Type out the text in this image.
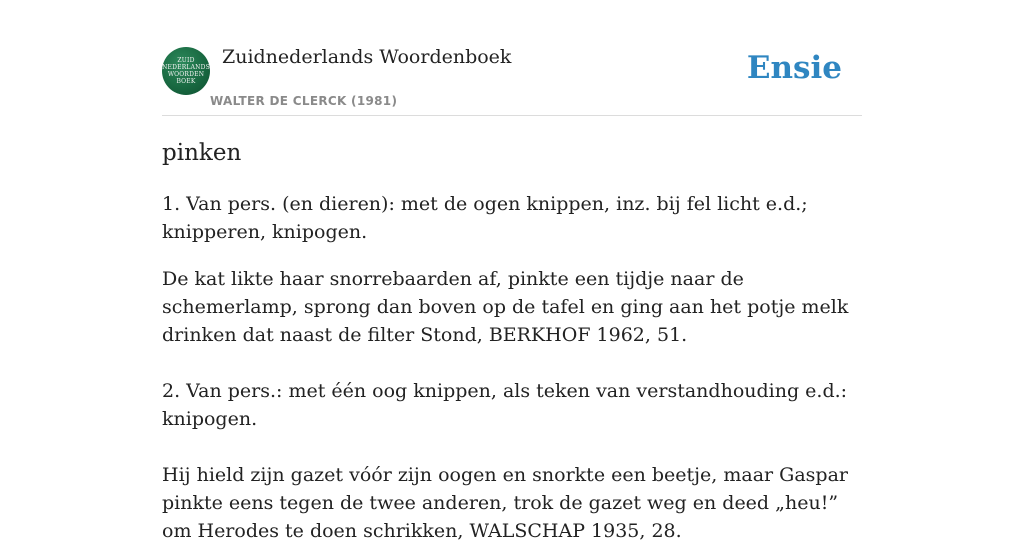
ZUID
NEDERLANDS
WOORDEN
BOEK
Zuidnederlands Woordenboek
WALTER DE CLERCK (1981)
Ensie
pinken

1. Van pers. (en dieren): met de ogen knippen, inz. bij fel licht e.d.; knipperen, knipogen.

De kat likte haar snorrebaarden af, pinkte een tijdje naar de schemerlamp, sprong dan boven op de tafel en ging aan het potje melk drinken dat naast de filter Stond, BERKHOF 1962, 51.

2. Van pers.: met één oog knippen, als teken van verstandhouding e.d.: knipogen.

Hij hield zijn gazet vóór zijn oogen en snorkte een beetje, maar Gaspar pinkte eens tegen de twee anderen, trok de gazet weg en deed „heu!” om Herodes te doen schrikken, WALSCHAP 1935, 28.
